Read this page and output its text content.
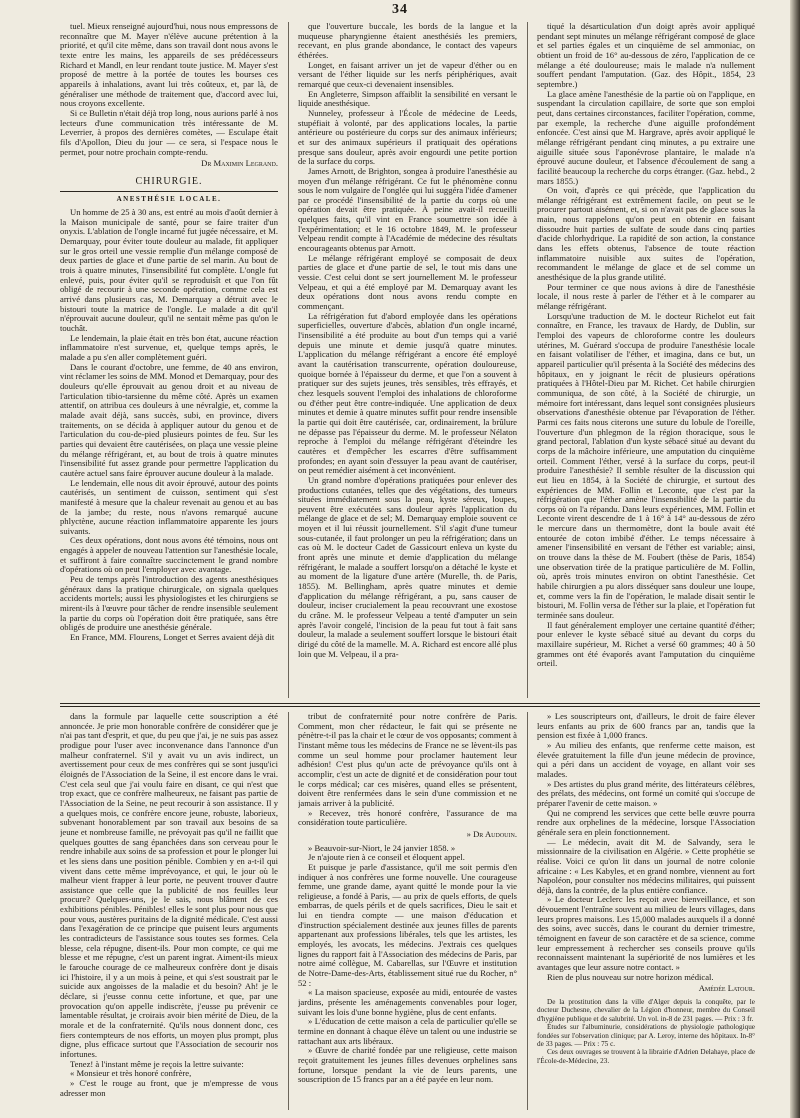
34

tuel. Mieux renseigné aujourd'hui, nous nous empressons de reconnaître que M. Mayer n'élève aucune prétention à la priorité, et qu'il cite même, dans son travail dont nous avons le texte entre les mains, les appareils de ses prédécesseurs Richard et Mandl, en leur rendant toute justice. M. Mayer s'est proposé de mettre à la portée de toutes les bourses ces appareils à inhalations, avant lui très coûteux, et, par là, de généraliser une méthode de traitement que, d'accord avec lui, nous croyons excellente.

Si ce Bulletin n'était déjà trop long, nous aurions parlé à nos lecteurs d'une communication très intéressante de M. Leverrier, à propos des dernières comètes, — Esculape était fils d'Apollon, Dieu du jour — ce sera, si l'espace nous le permet, pour notre prochain compte-rendu.

Dr Maximin Legrand.

CHIRURGIE.

ANESTHÉSIE LOCALE.

Un homme de 25 à 30 ans, est entré au mois d'août dernier à la Maison municipale de santé, pour se faire traiter d'un onyxis. L'ablation de l'ongle incarné fut jugée nécessaire, et M. Demarquay, pour éviter toute douleur au malade, fit appliquer sur le gros orteil une vessie remplie d'un mélange composé de deux parties de glace et d'une partie de sel marin. Au bout de trois à quatre minutes, l'insensibilité fut complète. L'ongle fut enlevé, puis, pour éviter qu'il se reproduisît et que l'on fût obligé de recourir à une seconde opération, comme cela est arrivé dans plusieurs cas, M. Demarquay a détruit avec le bistouri toute la matrice de l'ongle. Le malade a dit qu'il n'éprouvait aucune douleur, qu'il ne sentait même pas qu'on le touchât.

Le lendemain, la plaie était en très bon état, aucune réaction inflammatoire n'est survenue, et, quelque temps après, le malade a pu s'en aller complètement guéri.

Dans le courant d'octobre, une femme, de 40 ans environ, vint réclamer les soins de MM. Monod et Demarquay, pour des douleurs qu'elle éprouvait au genou droit et au niveau de l'articulation tibio-tarsienne du même côté. Après un examen attentif, on attribua ces douleurs à une névralgie, et, comme la malade avait déjà, sans succès, subi, en province, divers traitements, on se décida à appliquer autour du genou et de l'articulation du cou-de-pied plusieurs pointes de feu. Sur les parties qui devaient être cautérisées, on plaça une vessie pleine du mélange réfrigérant, et, au bout de trois à quatre minutes l'insensibilité fut assez grande pour permettre l'application du cautère actuel sans faire éprouver aucune douleur à la malade.

Le lendemain, elle nous dit avoir éprouvé, autour des points cautérisés, un sentiment de cuisson, sentiment qui s'est manifesté à mesure que la chaleur revenait au genou et au bas de la jambe; du reste, nous n'avons remarqué aucune phlyctène, aucune réaction inflammatoire apparente les jours suivants.

Ces deux opérations, dont nous avons été témoins, nous ont engagés à appeler de nouveau l'attention sur l'anesthésie locale, et suffiront à faire connaître succinctement le grand nombre d'opérations où on peut l'employer avec avantage.

Peu de temps après l'introduction des agents anesthésiques généraux dans la pratique chirurgicale, on signala quelques accidents mortels; aussi les physiologistes et les chirurgiens se mirent-ils à l'œuvre pour tâcher de rendre insensible seulement la partie du corps où l'opération doit être pratiquée, sans être obligés de produire une anesthésie générale.

En France, MM. Flourens, Longet et Serres avaient déjà dit

que l'ouverture buccale, les bords de la langue et la muqueuse pharyngienne étaient anesthésiés les premiers, recevant, en plus grande abondance, le contact des vapeurs éthérées.

Longet, en faisant arriver un jet de vapeur d'éther ou en versant de l'éther liquide sur les nerfs périphériques, avait remarqué que ceux-ci devenaient insensibles.

En Angleterre, Simpson affaiblit la sensibilité en versant le liquide anesthésique.

Nunneley, professeur à l'École de médecine de Leeds, stupéfiait à volonté, par des applications locales, la partie antérieure ou postérieure du corps sur des animaux inférieurs; et sur des animaux supérieurs il pratiquait des opérations presque sans douleur, après avoir engourdi une petite portion de la surface du corps.

James Arnott, de Brighton, songea à produire l'anesthésie au moyen d'un mélange réfrigérant. Ce fut le phénomène connu sous le nom vulgaire de l'onglée qui lui suggéra l'idée d'amener par ce procédé l'insensibilité de la partie du corps où une opération devait être pratiquée. À peine avait-il recueilli quelques faits, qu'il vint en France soumettre son idée à l'expérimentation; et le 16 octobre 1849, M. le professeur Velpeau rendit compte à l'Académie de médecine des résultats encourageants obtenus par Arnott.

Le mélange réfrigérant employé se composait de deux parties de glace et d'une partie de sel, le tout mis dans une vessie. C'est celui dont se sert journellement M. le professeur Velpeau, et qui a été employé par M. Demarquay avant les deux opérations dont nous avons rendu compte en commençant.

La réfrigération fut d'abord employée dans les opérations superficielles, ouverture d'abcès, ablation d'un ongle incarné, l'insensibilité a été produite au bout d'un temps qui a varié depuis une minute et demie jusqu'à quatre minutes. L'application du mélange réfrigérant a encore été employé avant la cautérisation transcurrente, opération douloureuse, quoique bornée à l'épaisseur du derme, et que l'on a souvent à pratiquer sur des sujets jeunes, très sensibles, très effrayés, et chez lesquels souvent l'emploi des inhalations de chloroforme ou d'éther peut être contre-indiquée. Une application de deux minutes et demie à quatre minutes suffit pour rendre insensible la partie qui doit être cautérisée, car, ordinairement, la brûlure ne dépasse pas l'épaisseur du derme. M. le professeur Nélaton reproche à l'emploi du mélange réfrigérant d'éteindre les cautères et d'empêcher les escarres d'être suffisamment profondes; en ayant soin d'essuyer la peau avant de cautériser, on peut remédier aisément à cet inconvénient.

Un grand nombre d'opérations pratiquées pour enlever des productions cutanées, telles que des végétations, des tumeurs situées immédiatement sous la peau, kyste séreux, loupes, peuvent être exécutées sans douleur après l'application du mélange de glace et de sel; M. Demarquay emploie souvent ce moyen et il lui réussit journellement. S'il s'agit d'une tumeur sous-cutanée, il faut prolonger un peu la réfrigération; dans un cas où M. le docteur Cadet de Gassicourt enleva un kyste du front après une minute et demie d'application du mélange réfrigérant, le malade a souffert lorsqu'on a détaché le kyste et au moment de la ligature d'une artère (Murelle, th. de Paris, 1855). M. Bellingham, après quatre minutes et demie d'application du mélange réfrigérant, a pu, sans causer de douleur, inciser crucialement la peau recouvrant une exostose du crâne. M. le professeur Velpeau a tenté d'amputer un sein après l'avoir congelé, l'incision de la peau fut tout à fait sans douleur, la malade a seulement souffert lorsque le bistouri était dirigé du côté de la mamelle. M. A. Richard est encore allé plus loin que M. Velpeau, il a pra-

tiqué la désarticulation d'un doigt après avoir appliqué pendant sept minutes un mélange réfrigérant composé de glace et sel parties égales et un cinquième de sel ammoniac, on obtient un froid de 16° au-dessous de zéro, l'application de ce mélange a été douloureuse; mais le malade n'a nullement souffert pendant l'amputation. (Gaz. des Hôpit., 1854, 23 septembre.)

La glace amène l'anesthésie de la partie où on l'applique, en suspendant la circulation capillaire, de sorte que son emploi peut, dans certaines circonstances, faciliter l'opération, comme, par exemple, la recherche d'une aiguille profondément enfoncée. C'est ainsi que M. Hargrave, après avoir appliqué le mélange réfrigérant pendant cinq minutes, a pu extraire une aiguille située sous l'aponévrose plantaire, le malade n'a éprouvé aucune douleur, et l'absence d'écoulement de sang a facilité beaucoup la recherche du corps étranger. (Gaz. hebd., 2 mars 1855.)

On voit, d'après ce qui précède, que l'application du mélange réfrigérant est extrêmement facile, on peut se le procurer partout aisément, et, si on n'avait pas de glace sous la main, nous rappelons qu'on peut en obtenir en faisant dissoudre huit parties de sulfate de soude dans cinq parties d'acide chlorhydrique. La rapidité de son action, la constance dans les effets obtenus, l'absence de toute réaction inflammatoire nuisible aux suites de l'opération, recommandent le mélange de glace et de sel comme un anesthésique de la plus grande utilité.

Pour terminer ce que nous avions à dire de l'anesthésie locale, il nous reste à parler de l'éther et à le comparer au mélange réfrigérant.

Lorsqu'une traduction de M. le docteur Richelot eut fait connaître, en France, les travaux de Hardy, de Dublin, sur l'emploi des vapeurs de chloroforme contre les douleurs utérines, M. Guérard s'occupa de produire l'anesthésie locale en faisant volatiliser de l'éther, et imagina, dans ce but, un appareil particulier qu'il présenta à la Société des médecins des hôpitaux, en y joignant le récit de plusieurs opérations pratiquées à l'Hôtel-Dieu par M. Richet. Cet habile chirurgien communiqua, de son côté, à la Société de chirurgie, un mémoire fort intéressant, dans lequel sont consignées plusieurs observations d'anesthésie obtenue par l'évaporation de l'éther. Parmi ces faits nous citerons une suture du lobule de l'oreille, l'ouverture d'un phlegmon de la région thoracique, sous le grand pectoral, l'ablation d'un kyste sébacé situé au devant du corps de la mâchoire inférieure, une amputation du cinquième orteil. Comment l'éther, versé à la surface du corps, peut-il produire l'anesthésie? Il semble résulter de la discussion qui eut lieu en 1854, à la Société de chirurgie, et surtout des expériences de MM. Follin et Leconte, que c'est par la réfrigération que l'éther amène l'insensibilité de la partie du corps où on l'a répandu. Dans leurs expériences, MM. Follin et Leconte virent descendre de 1 à 16° à 14° au-dessous de zéro le mercure dans un thermomètre, dont la boule avait été entourée de coton imbibé d'éther. Le temps nécessaire à amener l'insensibilité en versant de l'éther est variable; ainsi, on trouve dans la thèse de M. Foubert (thèse de Paris, 1854) une observation tirée de la pratique particulière de M. Follin, où, après trois minutes environ on obtint l'anesthésie. Cet habile chirurgien a pu alors disséquer sans douleur une loupe, et, comme vers la fin de l'opération, le malade disait sentir le bistouri, M. Follin versa de l'éther sur la plaie, et l'opération fut terminée sans douleur.

Il faut généralement employer une certaine quantité d'éther; pour enlever le kyste sébacé situé au devant du corps du maxillaire supérieur, M. Richet a versé 60 grammes; 40 à 50 grammes ont été évaporés avant l'amputation du cinquième orteil.

dans la formule par laquelle cette souscription a été annoncée. Je prie mon honorable confrère de considérer que je n'ai pas tant d'esprit, et que, du peu que j'ai, je ne suis pas assez prodigue pour l'user avec inconvenance dans l'annonce d'un malheur confraternel. S'il y avait vu un avis indirect, un avertissement pour ceux de mes confrères qui se sont jusqu'ici éloignés de l'Association de la Seine, il est encore dans le vrai. C'est cela seul que j'ai voulu faire en disant, ce qui n'est que trop exact, que ce confrère malheureux, ne faisant pas partie de l'Association de la Seine, ne peut recourir à son assistance. Il y a quelques mois, ce confrère encore jeune, robuste, laborieux, subvenant honorablement par son travail aux besoins de sa jeune et nombreuse famille, ne prévoyait pas qu'il ne faillit que quelques gouttes de sang épanchées dans son cerveau pour le rendre inhabile aux soins de sa profession et pour le plonger lui et les siens dans une position pénible. Combien y en a-t-il qui vivent dans cette même imprévoyance, et qui, le jour où le malheur vient frapper à leur porte, ne peuvent trouver d'autre assistance que celle que la publicité de nos feuilles leur procure? Quelques-uns, je le sais, nous blâment de ces exhibitions pénibles. Pénibles! elles le sont plus pour nous que pour vous, austères puritains de la dignité médicale. C'est aussi dans l'exagération de ce principe que puisent leurs arguments les contradicteurs de l'assistance sous toutes ses formes. Cela blesse, cela répugne, disent-ils. Pour mon compte, ce qui me blesse et me répugne, c'est un parent ingrat. Aiment-ils mieux le farouche courage de ce malheureux confrère dont je disais ici l'histoire, il y a un mois à peine, et qui s'est soustrait par le suicide aux angoisses de la maladie et du besoin? Ah! je le déclare, si j'eusse connu cette infortune, et que, par une provocation qu'on appelle indiscrète, j'eusse pu prévenir ce lamentable résultat, je croirais avoir bien mérité de Dieu, de la morale et de la confraternité. Qu'ils nous donnent donc, ces fiers contempteurs de nos efforts, un moyen plus prompt, plus digne, plus efficace surtout que l'Association de secourir nos infortunes.

Tenez! à l'instant même je reçois la lettre suivante:

« Monsieur et très honoré confrère,

» C'est le rouge au front, que je m'empresse de vous adresser mon

tribut de confraternité pour notre confrère de Paris. Comment, mon cher rédacteur, le fait qui se présente ne pénètre-t-il pas la chair et le cœur de vos opposants; comment à l'instant même tous les médecins de France ne se lèvent-ils pas comme un seul homme pour proclamer hautement leur adhésion! C'est plus qu'un acte de prévoyance qu'ils ont à accomplir, c'est un acte de dignité et de considération pour tout le corps médical; car ces misères, quand elles se présentent, doivent être renfermées dans le sein d'une commission et ne jamais arriver à la publicité.

» Recevez, très honoré confrère, l'assurance de ma considération toute particulière.

» Dr Audouin.

» Beauvoir-sur-Niort, le 24 janvier 1858. »

Je n'ajoute rien à ce conseil et éloquent appel.

Et puisque je parle d'assistance, qu'il me soit permis d'en indiquer à nos confrères une forme nouvelle. Une courageuse femme, une grande dame, ayant quitté le monde pour la vie religieuse, a fondé à Paris, — au prix de quels efforts, de quels embarras, de quels périls et de quels sacrifices, Dieu le sait et lui en tiendra compte — une maison d'éducation et d'instruction spécialement destinée aux jeunes filles de parents appartenant aux professions libérales, tels que les artistes, les employés, les avocats, les médecins. J'extrais ces quelques lignes du rapport fait à l'Association des médecins de Paris, par notre aimé collègue, M. Cabarellas, sur l'Œuvre et institution de Notre-Dame-des-Arts, établissement situé rue du Rocher, n° 52 :

« La maison spacieuse, exposée au midi, entourée de vastes jardins, présente les aménagements convenables pour loger, suivant les lois d'une bonne hygiène, plus de cent enfants.

» L'éducation de cette maison a cela de particulier qu'elle se termine en donnant à chaque élève un talent ou une industrie se rattachant aux arts libéraux.

» Œuvre de charité fondée par une religieuse, cette maison reçoit gratuitement les jeunes filles devenues orphelines sans fortune, lorsque pendant la vie de leurs parents, une souscription de 15 francs par an a été payée en leur nom.

» Les souscripteurs ont, d'ailleurs, le droit de faire élever leurs enfants au prix de 600 francs par an, tandis que la pension est fixée à 1,000 francs.

» Au milieu des enfants, que renferme cette maison, est élevée gratuitement la fille d'un jeune médecin de province, qui a péri dans un accident de voyage, en allant voir ses malades.

» Des artistes du plus grand mérite, des littérateurs célèbres, des prélats, des médecins, ont formé un comité qui s'occupe de préparer l'avenir de cette maison. »

Qui ne comprend les services que cette belle œuvre pourra rendre aux orphelines de la médecine, lorsque l'Association générale sera en plein fonctionnement.

— Le médecin, avait dit M. de Salvandy, sera le missionnaire de la civilisation en Algérie. » Cette prophétie se réalise. Voici ce qu'on lit dans un journal de notre colonie africaine : « Les Kabyles, et en grand nombre, viennent au fort Napoléon, pour consulter nos médecins militaires, qui puissent déjà, dans la contrée, de la plus entière confiance.

» Le docteur Leclerc les reçoit avec bienveillance, et son dévouement l'entraîne souvent au milieu de leurs villages, dans leurs propres maisons. Les 15,000 malades auxquels il a donné des soins, avec succès, dans le courant du dernier trimestre, témoignent en faveur de son caractère et de sa science, comme leur empressement à rechercher ses conseils prouve qu'ils reconnaissent maintenant la supériorité de nos lumières et les avantages que leur assure notre contact. »

Rien de plus nouveau sur notre horizon médical.

Amédée Latour.

De la prostitution dans la ville d'Alger depuis la conquête, par le docteur Duchesne, chevalier de la Légion d'honneur, membre du Conseil d'hygiène publique et de salubrité. Un vol. in-8 de 231 pages. — Prix : 3 fr.

Études sur l'albuminurie, considérations de physiologie pathologique fondées sur l'observation clinique; par A. Leroy, interne des hôpitaux. In-8° de 33 pages. — Prix : 75 c.

Ces deux ouvrages se trouvent à la librairie d'Adrien Delahaye, place de l'École-de-Médecine, 23.
